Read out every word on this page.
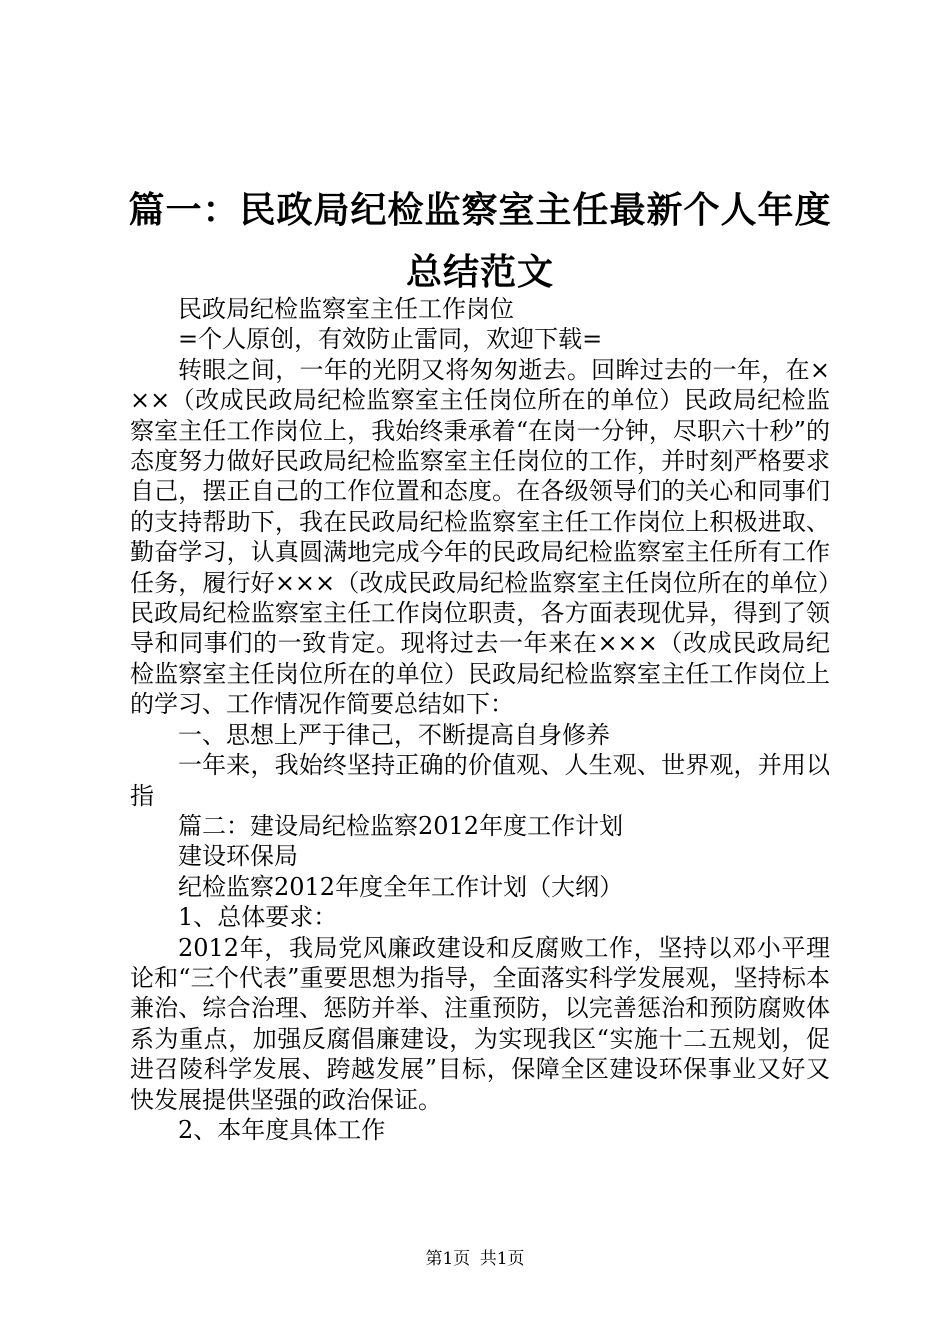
篇一：民政局纪检监察室主任最新个人年度总结范文

民政局纪检监察室主任工作岗位

=个人原创，有效防止雷同，欢迎下载=

转眼之间，一年的光阴又将匆匆逝去。回眸过去的一年，在×××（改成民政局纪检监察室主任岗位所在的单位）民政局纪检监察室主任工作岗位上，我始终秉承着“在岗一分钟，尽职六十秒”的态度努力做好民政局纪检监察室主任岗位的工作，并时刻严格要求自己，摆正自己的工作位置和态度。在各级领导们的关心和同事们的支持帮助下，我在民政局纪检监察室主任工作岗位上积极进取、勤奋学习，认真圆满地完成今年的民政局纪检监察室主任所有工作任务，履行好×××（改成民政局纪检监察室主任岗位所在的单位）民政局纪检监察室主任工作岗位职责，各方面表现优异，得到了领导和同事们的一致肯定。现将过去一年来在×××（改成民政局纪检监察室主任岗位所在的单位）民政局纪检监察室主任工作岗位上的学习、工作情况作简要总结如下：

一、思想上严于律己，不断提高自身修养

一年来，我始终坚持正确的价值观、人生观、世界观，并用以指

篇二：建设局纪检监察2012年度工作计划

建设环保局

纪检监察2012年度全年工作计划（大纲）

1、总体要求：

2012年，我局党风廉政建设和反腐败工作，坚持以邓小平理论和“三个代表”重要思想为指导，全面落实科学发展观，坚持标本兼治、综合治理、惩防并举、注重预防，以完善惩治和预防腐败体系为重点，加强反腐倡廉建设，为实现我区“实施十二五规划，促进召陵科学发展、跨越发展”目标，保障全区建设环保事业又好又快发展提供坚强的政治保证。

2、本年度具体工作

第1页 共1页
